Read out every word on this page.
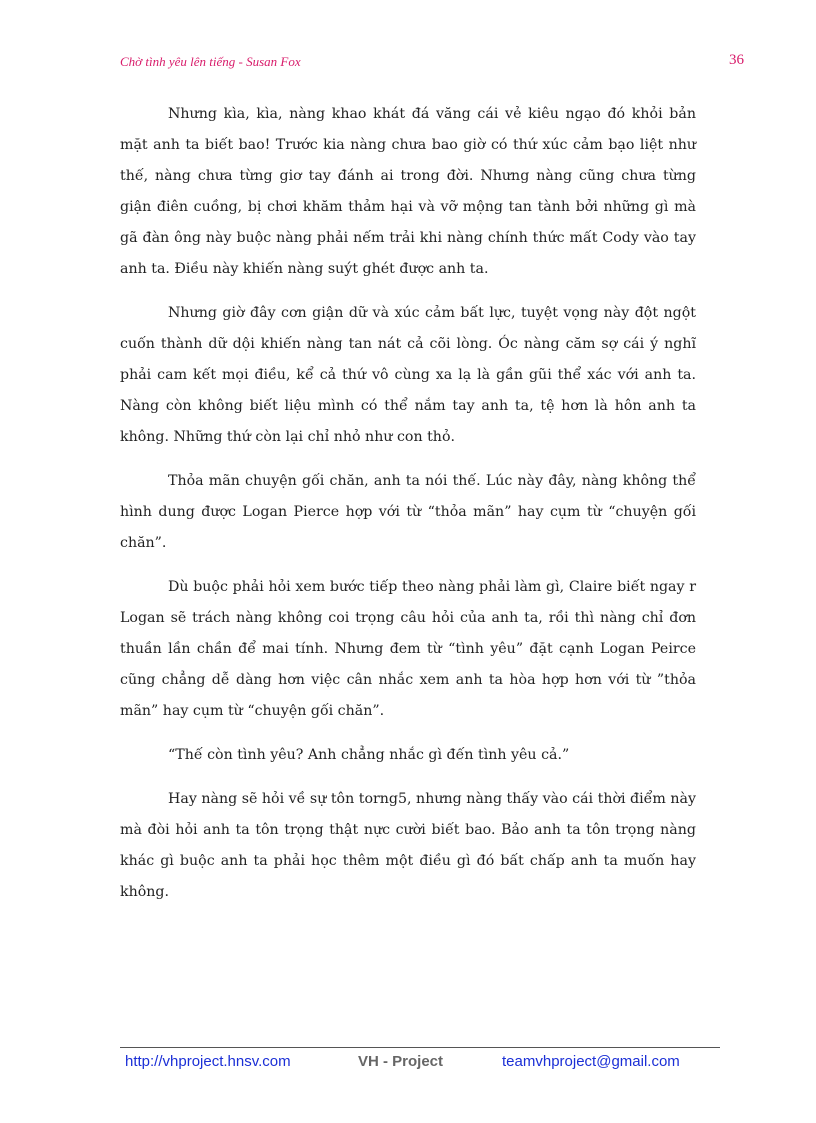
Chờ tình yêu lên tiếng - Susan Fox	36

Nhưng kìa, kìa, nàng khao khát đá văng cái vẻ kiêu ngạo đó khỏi bản mặt anh ta biết bao! Trước kia nàng chưa bao giờ có thứ xúc cảm bạo liệt như thế, nàng chưa từng giơ tay đánh ai trong đời. Nhưng nàng cũng chưa từng giận điên cuồng, bị chơi khăm thảm hại và vỡ mộng tan tành bởi những gì mà gã đàn ông này buộc nàng phải nếm trải khi nàng chính thức mất Cody vào tay anh ta. Điều này khiến nàng suýt ghét được anh ta.

Nhưng giờ đây cơn giận dữ và xúc cảm bất lực, tuyệt vọng này đột ngột cuốn thành dữ dội khiến nàng tan nát cả cõi lòng. Óc nàng căm sợ cái ý nghĩ phải cam kết mọi điều, kể cả thứ vô cùng xa lạ là gần gũi thể xác với anh ta. Nàng còn không biết liệu mình có thể nắm tay anh ta, tệ hơn là hôn anh ta không. Những thứ còn lại chỉ nhỏ như con thỏ.

Thỏa mãn chuyện gối chăn, anh ta nói thế. Lúc này đây, nàng không thể hình dung được Logan Pierce hợp với từ “thỏa mãn” hay cụm từ “chuyện gối chăn”.

Dù buộc phải hỏi xem bước tiếp theo nàng phải làm gì, Claire biết ngay r Logan sẽ trách nàng không coi trọng câu hỏi của anh ta, rồi thì nàng chỉ đơn thuần lần chần để mai tính. Nhưng đem từ “tình yêu” đặt cạnh Logan Peirce cũng chẳng dễ dàng hơn việc cân nhắc xem anh ta hòa hợp hơn với từ ”thỏa mãn” hay cụm từ “chuyện gối chăn”.

“Thế còn tình yêu? Anh chẳng nhắc gì đến tình yêu cả.”

Hay nàng sẽ hỏi về sự tôn torng5, nhưng nàng thấy vào cái thời điểm này mà đòi hỏi anh ta tôn trọng thật nực cười biết bao. Bảo anh ta tôn trọng nàng khác gì buộc anh ta phải học thêm một điều gì đó bất chấp anh ta muốn hay không.

http://vhproject.hnsv.com	VH - Project	teamvhproject@gmail.com
